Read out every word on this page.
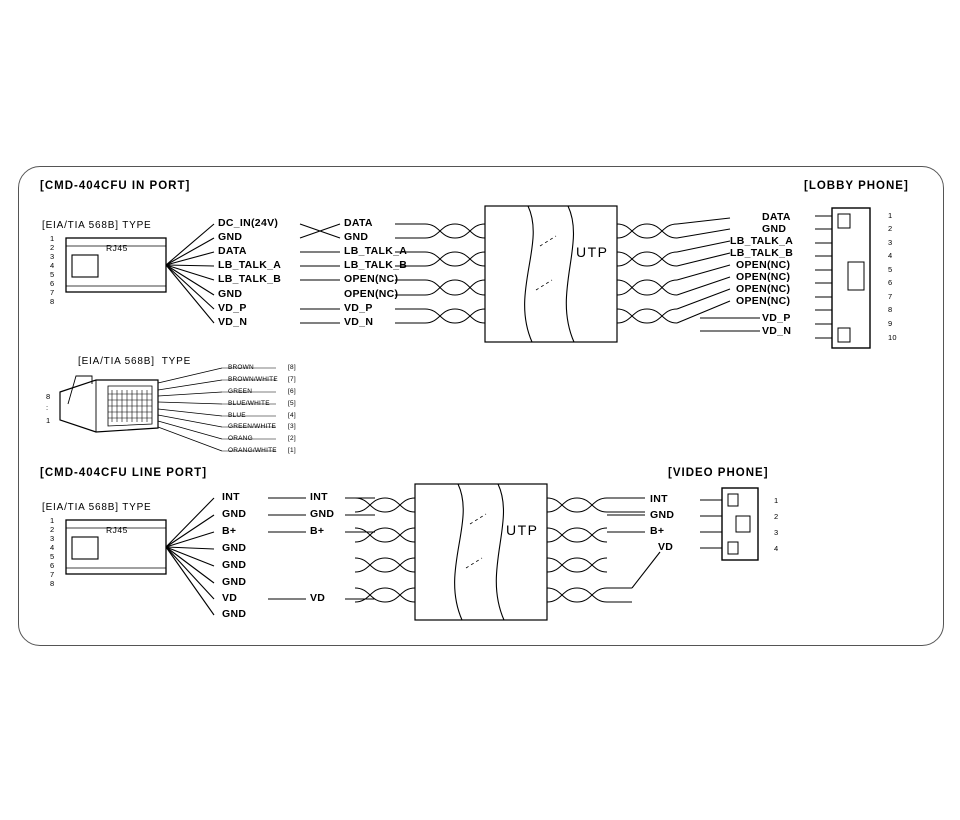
[CMD-404CFU IN PORT]	[LOBBY PHONE]
[CMD-404CFU LINE PORT]	[VIDEO PHONE]
[EIA/TIA 568B] TYPE
[EIA/TIA 568B]  TYPE
[EIA/TIA 568B] TYPE
RJ45
RJ45
UTP
UTP
1
2
3
4
5
6
7
8
1
2
3
4
5
6
7
8
DC_IN(24V)
GND
DATA
LB_TALK_A
LB_TALK_B
GND
VD_P
VD_N
DATA
GND
LB_TALK_A
LB_TALK_B
OPEN(NC)
OPEN(NC)
VD_P
VD_N
DATA
GND
LB_TALK_A
LB_TALK_B
OPEN(NC)
OPEN(NC)
OPEN(NC)
OPEN(NC)
VD_P
VD_N
1
2
3
4
5
6
7
8
9
10
BROWN	[8]
BROWN/WHITE [7]
GREEN	[6]
BLUE/WHITE	[5]
BLUE	[4]
GREEN/WHITE [3]
ORANG	[2]
ORANG/WHITE [1]
8
:
1
INT
GND
B+
GND
GND
GND
VD
GND
INT
GND
B+
VD
INT
GND
B+
VD
1
2
3
4
